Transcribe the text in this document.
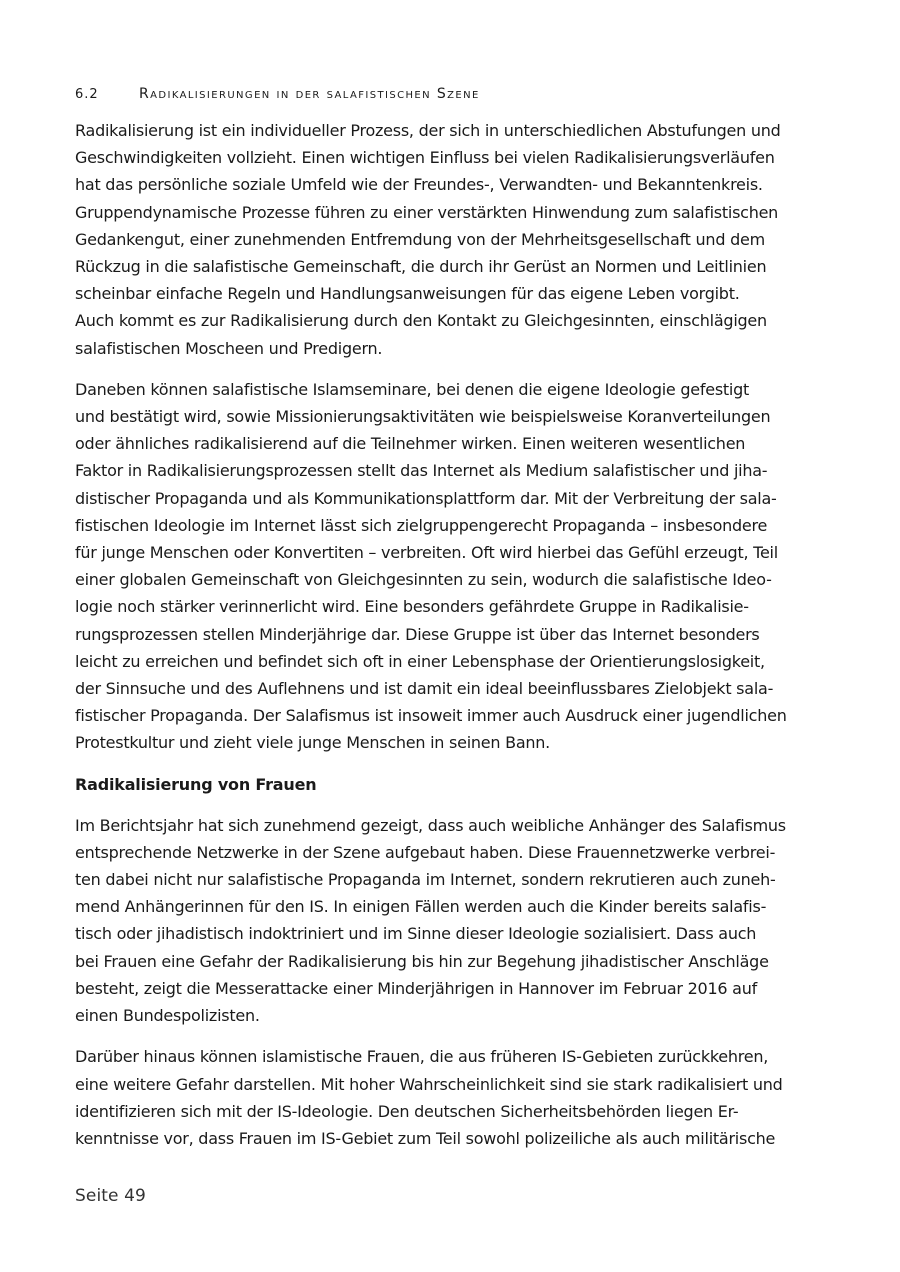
6.2	Radikalisierungen in der salafistischen Szene

Radikalisierung ist ein individueller Prozess, der sich in unterschiedlichen Abstufungen und
Geschwindigkeiten vollzieht. Einen wichtigen Einfluss bei vielen Radikalisierungsverläufen
hat das persönliche soziale Umfeld wie der Freundes-, Verwandten- und Bekanntenkreis.
Gruppendynamische Prozesse führen zu einer verstärkten Hinwendung zum salafistischen
Gedankengut, einer zunehmenden Entfremdung von der Mehrheitsgesellschaft und dem
Rückzug in die salafistische Gemeinschaft, die durch ihr Gerüst an Normen und Leitlinien
scheinbar einfache Regeln und Handlungsanweisungen für das eigene Leben vorgibt.
Auch kommt es zur Radikalisierung durch den Kontakt zu Gleichgesinnten, einschlägigen
salafistischen Moscheen und Predigern.

Daneben können salafistische Islamseminare, bei denen die eigene Ideologie gefestigt
und bestätigt wird, sowie Missionierungsaktivitäten wie beispielsweise Koranverteilungen
oder ähnliches radikalisierend auf die Teilnehmer wirken. Einen weiteren wesentlichen
Faktor in Radikalisierungsprozessen stellt das Internet als Medium salafistischer und jiha-
distischer Propaganda und als Kommunikationsplattform dar. Mit der Verbreitung der sala-
fistischen Ideologie im Internet lässt sich zielgruppengerecht Propaganda – insbesondere
für junge Menschen oder Konvertiten – verbreiten. Oft wird hierbei das Gefühl erzeugt, Teil
einer globalen Gemeinschaft von Gleichgesinnten zu sein, wodurch die salafistische Ideo-
logie noch stärker verinnerlicht wird. Eine besonders gefährdete Gruppe in Radikalisie-
rungsprozessen stellen Minderjährige dar. Diese Gruppe ist über das Internet besonders
leicht zu erreichen und befindet sich oft in einer Lebensphase der Orientierungslosigkeit,
der Sinnsuche und des Auflehnens und ist damit ein ideal beeinflussbares Zielobjekt sala-
fistischer Propaganda. Der Salafismus ist insoweit immer auch Ausdruck einer jugendlichen
Protestkultur und zieht viele junge Menschen in seinen Bann.

Radikalisierung von Frauen

Im Berichtsjahr hat sich zunehmend gezeigt, dass auch weibliche Anhänger des Salafismus
entsprechende Netzwerke in der Szene aufgebaut haben. Diese Frauennetzwerke verbrei-
ten dabei nicht nur salafistische Propaganda im Internet, sondern rekrutieren auch zuneh-
mend Anhängerinnen für den IS. In einigen Fällen werden auch die Kinder bereits salafis-
tisch oder jihadistisch indoktriniert und im Sinne dieser Ideologie sozialisiert. Dass auch
bei Frauen eine Gefahr der Radikalisierung bis hin zur Begehung jihadistischer Anschläge
besteht, zeigt die Messerattacke einer Minderjährigen in Hannover im Februar 2016 auf
einen Bundespolizisten.

Darüber hinaus können islamistische Frauen, die aus früheren IS-Gebieten zurückkehren,
eine weitere Gefahr darstellen. Mit hoher Wahrscheinlichkeit sind sie stark radikalisiert und
identifizieren sich mit der IS-Ideologie. Den deutschen Sicherheitsbehörden liegen Er-
kenntnisse vor, dass Frauen im IS-Gebiet zum Teil sowohl polizeiliche als auch militärische

Seite 49
